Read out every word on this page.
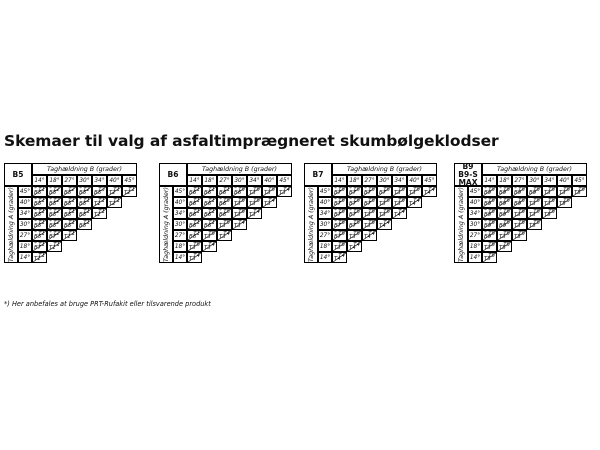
Skemaer til valg af asfaltimprægneret skumbølgeklodser
B5
Taghældning B (grader)
14° 18° 27° 30° 34° 40° 45°
Taghældning A (grader) 45°
40°
34°
30°
27°
18°
14°
B5
T1
*
B5
T2
*
B5
T2 B5
T2
*
B5
T3 T2
T1 T2
T1
B5
T1
*
B5
T2
*
B5
T1 B5
T1
*
T1
T1 T2
T1
B5
T1
*
B5
T2
*
B5
T1 B5
T1 T1
T1
B5
T1
*
B5
T2
*
B5
T1 B5
T1
B5
T1
*
B7
T2
*
T1
T1
B7
T1
*
T1
T1
T1
T1
B6
Taghældning B (grader)
14° 18° 27° 30° 34° 40° 45°
Taghældning A (grader) 45°
40°
34°
30°
27°
18°
14°
B6
T1 B6
T1 B6
T1 B6
T5
*
T3
T5 T3
T5 T3
T4
B6
T1 B6
T1 B6
T5
*
T3
T5 T3
T5 T3
T4
B6
T1 B6
T1 B6
T5
*
T3
T5 T3
T4
B6
T1 B6
T1 T3
T5 T3
T4
B6
T1 T3
T5 T3
T4
T3
T5 T3
T4
T3
T4
B7
Taghældning B (grader)
14° 18° 27° 30° 34° 40° 45°
Taghældning A (grader) 45°
40°
34°
30°
27°
18°
14°
B7
T5
*
B7
T5
*
B7
T5
*
B7
T5 T3
T5 T3
T5 T4
T4
B7
T5
*
B7
T5
*
B7
T5 T3
T5 T3
T5 T4
T4
B7
T5
*
B7
T5
*
T3
T5 T3
T5 T4
T4
B7
T5
*
B7
T5 T3
T5 T4
T4
B7
T5
*
T3
T5 T4
T4
T3
T5 T4
T4
T4
T4
B9
B9-S
MAX
Taghældning B (grader)
14° 18° 27° 30° 34° 40° 45°
Taghældning A (grader) 45°
40°
34°
30°
27°
18°
14°
B9
T5
*
B9
T5
*
B9
T5
*
B9
T5 T3
T5 T3
T5 T5
T5
B9
T5
*
B9
T5
*
B9
T5 T3
T5 T3
T5 T5
T5
B9
T5
*
B9
T5
*
T3
T5 T3
T5 T5
T5
B9
T5
*
B9
T5 T3
T5 T5
T5
B9
T5
*
T3
T5 T5
T5
T3
T5 T5
T5
T5
T5
*) Her anbefales at bruge PRT-Rufakit eller tilsvarende produkt
